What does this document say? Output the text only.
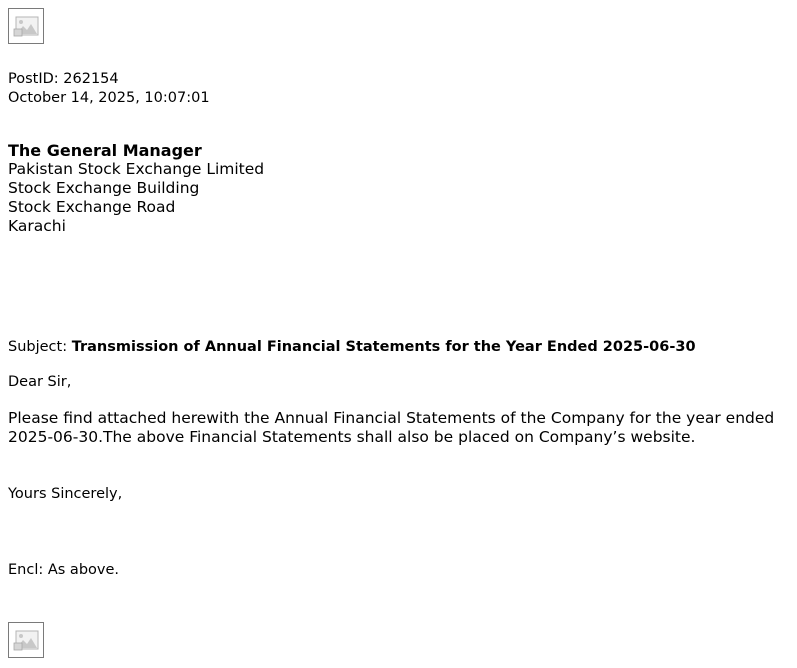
PostID: 262154
October 14, 2025, 10:07:01
The General Manager
Pakistan Stock Exchange Limited
Stock Exchange Building
Stock Exchange Road
Karachi
Subject: Transmission of Annual Financial Statements for the Year Ended 2025-06-30
Dear Sir,
Please find attached herewith the Annual Financial Statements of the Company for the year ended 2025-06-30.The above Financial Statements shall also be placed on Company’s website.
Yours Sincerely,
Encl: As above.
